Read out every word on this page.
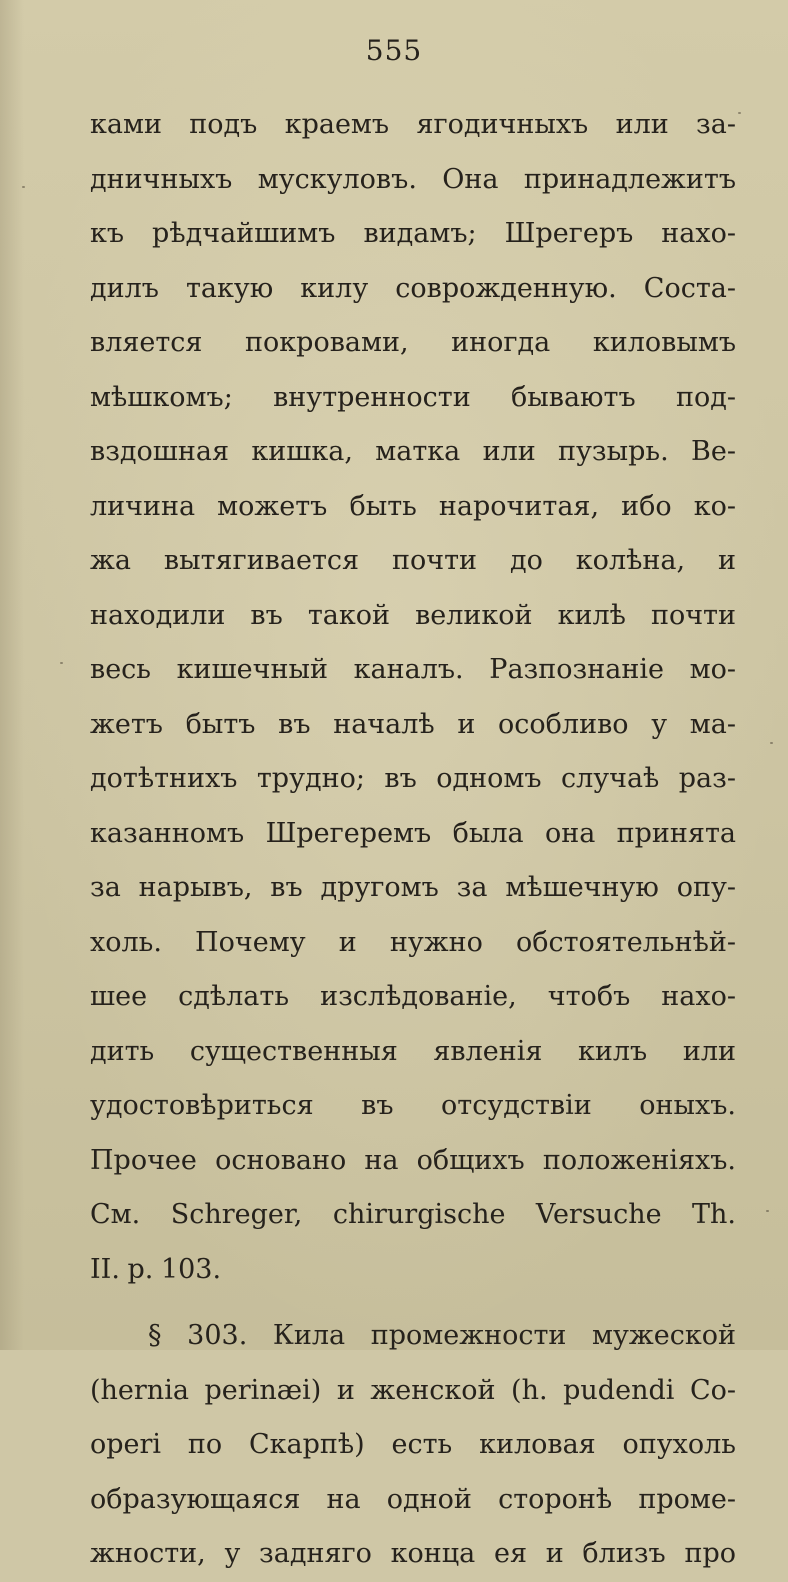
555
ками подъ краемъ ягодичныхъ или за-
дничныхъ мускуловъ. Она принадлежитъ
къ рѣдчайшимъ видамъ; Шрегеръ нахо-
дилъ такую килу соврожденную. Соста-
вляется покровами, иногда киловымъ
мѣшкомъ; внутренности бываютъ под-
вздошная кишка, матка или пузырь. Ве-
личина можетъ быть нарочитая, ибо ко-
жа вытягивается почти до колѣна, и
находили въ такой великой килѣ почти
весь кишечный каналъ. Разпознаніе мо-
жетъ бытъ въ началѣ и особливо у ма-
дотѣтнихъ трудно; въ одномъ случаѣ раз-
казанномъ Шрегеремъ была она принята
за нарывъ, въ другомъ за мѣшечную опу-
холь. Почему и нужно обстоятельнѣй-
шее сдѣлать изслѣдованіе, чтобъ нахо-
дить существенныя явленія килъ или
удостовѣриться въ отсудствіи оныхъ.
Прочее основано на общихъ положеніяхъ.
См. Schreger, chirurgische Versuche Th.
II. p. 103.
§ 303. Кила промежности мужеской
(hernia perinæi) и женской (h. pudendi Co-
operi по Скарпѣ) есть киловая опухоль
образующаяся на одной сторонѣ проме-
жности, у задняго конца ея и близъ про
